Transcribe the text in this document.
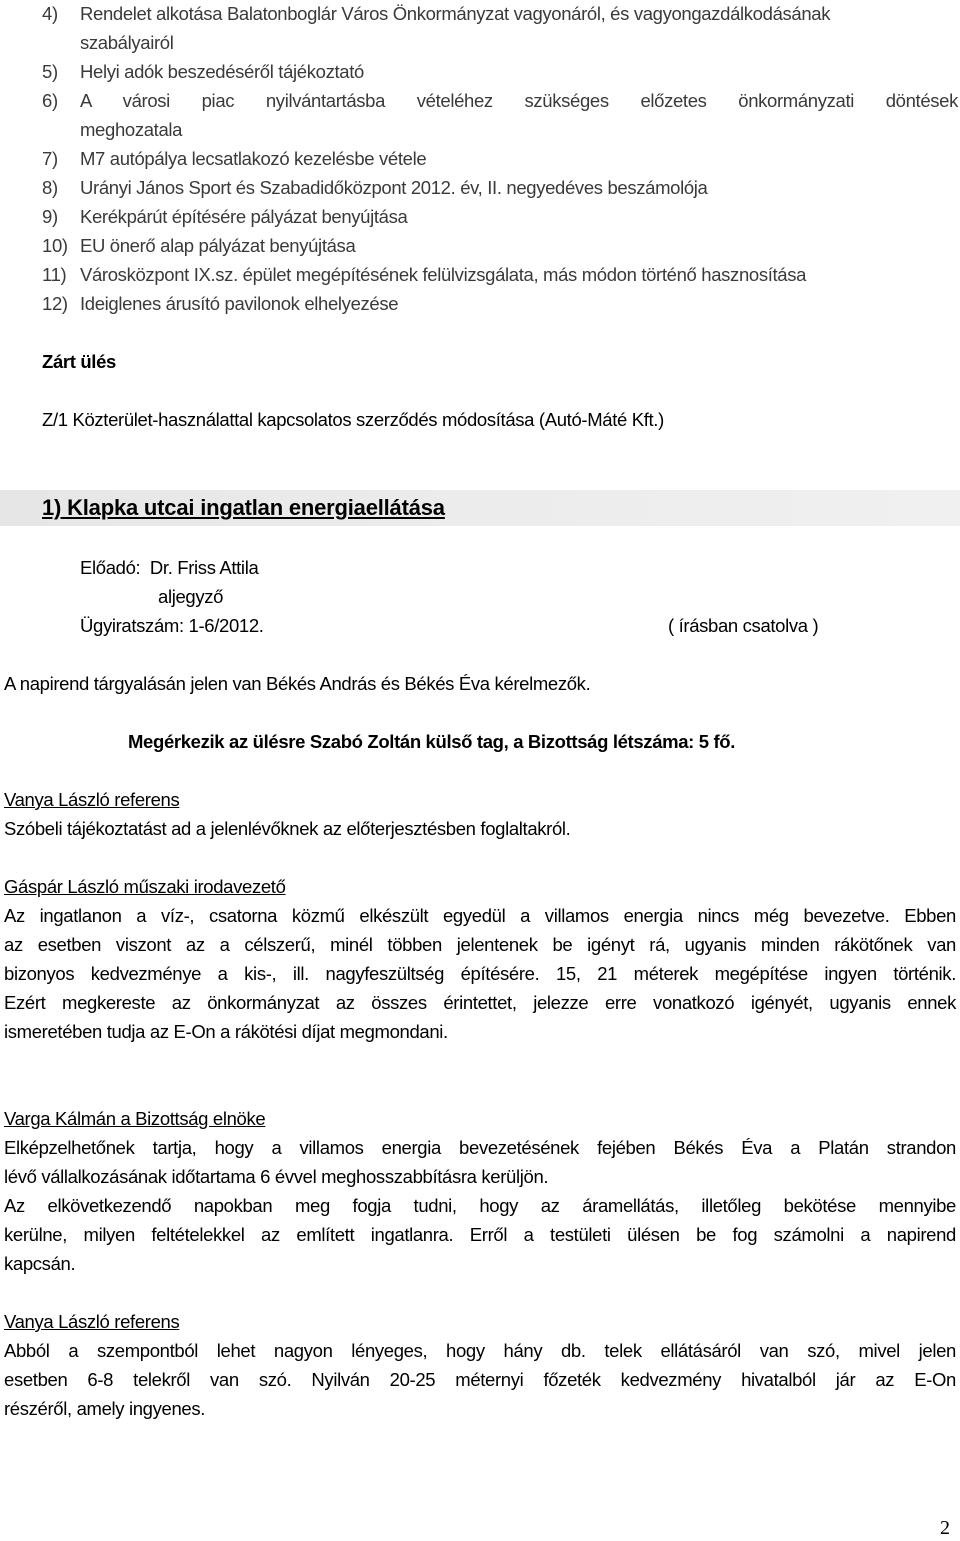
4) Rendelet alkotása Balatonboglár Város Önkormányzat vagyonáról, és vagyongazdálkodásának
szabályairól
5) Helyi adók beszedéséről tájékoztató
6) A városi piac nyilvántartásba vételéhez szükséges előzetes önkormányzati döntések
meghozatala
7) M7 autópálya lecsatlakozó kezelésbe vétele
8) Urányi János Sport és Szabadidőközpont 2012. év, II. negyedéves beszámolója
9) Kerékpárút építésére pályázat benyújtása
10) EU önerő alap pályázat benyújtása
11) Városközpont IX.sz. épület megépítésének felülvizsgálata, más módon történő hasznosítása
12) Ideiglenes árusító pavilonok elhelyezése
Zárt ülés
Z/1 Közterület-használattal kapcsolatos szerződés módosítása (Autó-Máté Kft.)
1) Klapka utcai ingatlan energiaellátása
Előadó: Dr. Friss Attila
aljegyző
Ügyiratszám: 1-6/2012.	( írásban csatolva )
A napirend tárgyalásán jelen van Békés András és Békés Éva kérelmezők.
Megérkezik az ülésre Szabó Zoltán külső tag, a Bizottság létszáma: 5 fő.
Vanya László referens
Szóbeli tájékoztatást ad a jelenlévőknek az előterjesztésben foglaltakról.
Gáspár László műszaki irodavezető
Az ingatlanon a víz-, csatorna közmű elkészült egyedül a villamos energia nincs még bevezetve. Ebben
az esetben viszont az a célszerű, minél többen jelentenek be igényt rá, ugyanis minden rákötőnek van
bizonyos kedvezménye a kis-, ill. nagyfeszültség építésére. 15, 21 méterek megépítése ingyen történik.
Ezért megkereste az önkormányzat az összes érintettet, jelezze erre vonatkozó igényét, ugyanis ennek
ismeretében tudja az E-On a rákötési díjat megmondani.
Varga Kálmán a Bizottság elnöke
Elképzelhetőnek tartja, hogy a villamos energia bevezetésének fejében Békés Éva a Platán strandon
lévő vállalkozásának időtartama 6 évvel meghosszabbításra kerüljön.
Az elkövetkezendő napokban meg fogja tudni, hogy az áramellátás, illetőleg bekötése mennyibe
kerülne, milyen feltételekkel az említett ingatlanra. Erről a testületi ülésen be fog számolni a napirend
kapcsán.
Vanya László referens
Abból a szempontból lehet nagyon lényeges, hogy hány db. telek ellátásáról van szó, mivel jelen
esetben 6-8 telekről van szó. Nyilván 20-25 méternyi főzeték kedvezmény hivatalból jár az E-On
részéről, amely ingyenes.
2
